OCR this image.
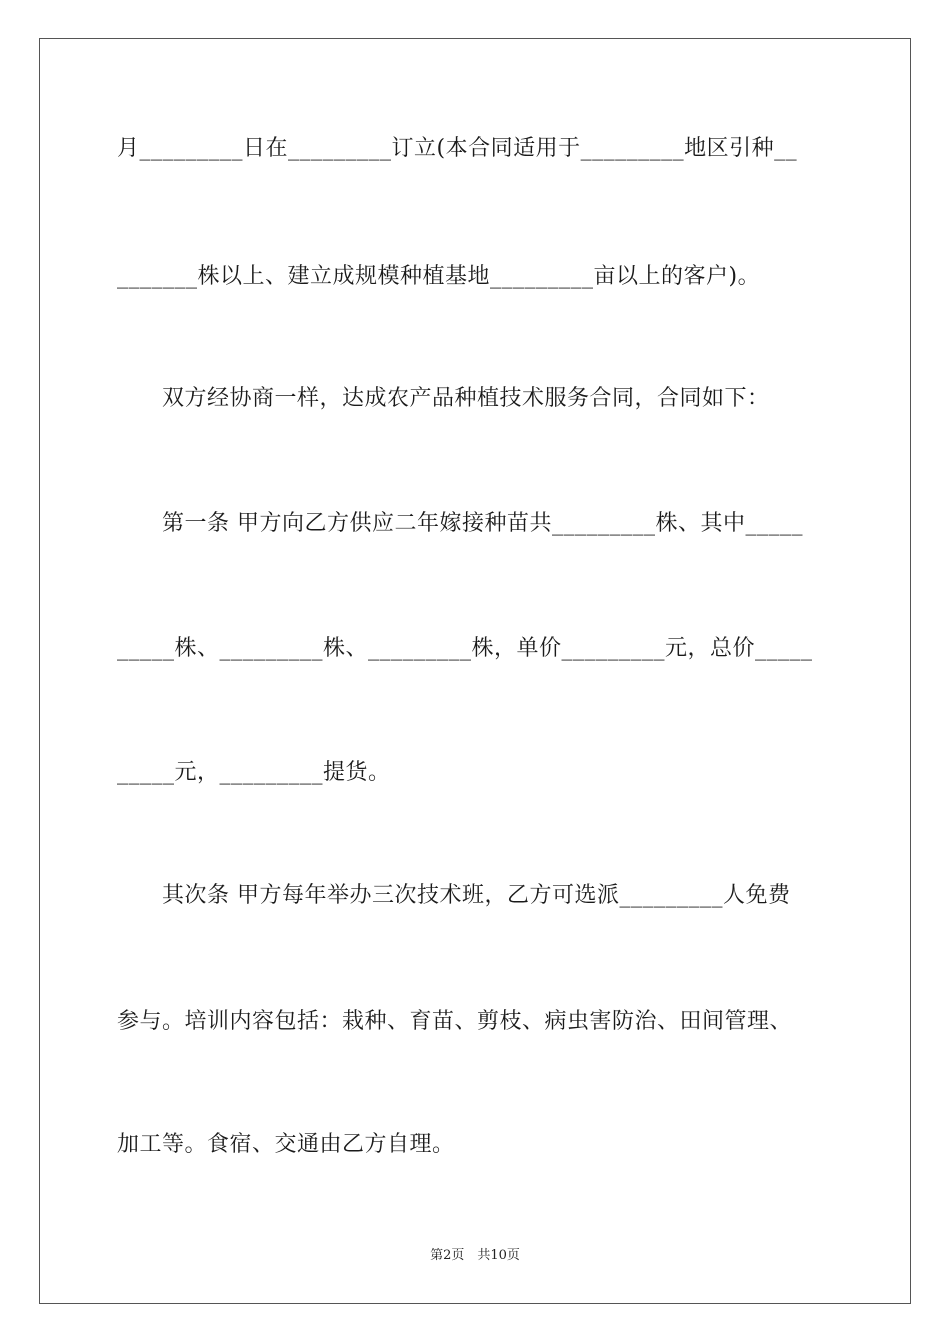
月_________日在_________订立(本合同适用于_________地区引种__
_______株以上、建立成规模种植基地_________亩以上的客户)。
　　双方经协商一样，达成农产品种植技术服务合同，合同如下：
　　第一条 甲方向乙方供应二年嫁接种苗共_________株、其中_____
_____株、_________株、_________株，单价_________元，总价_____
_____元，_________提货。
　　其次条 甲方每年举办三次技术班，乙方可选派_________人免费
参与。培训内容包括：栽种、育苗、剪枝、病虫害防治、田间管理、
加工等。食宿、交通由乙方自理。
第2页　共10页
